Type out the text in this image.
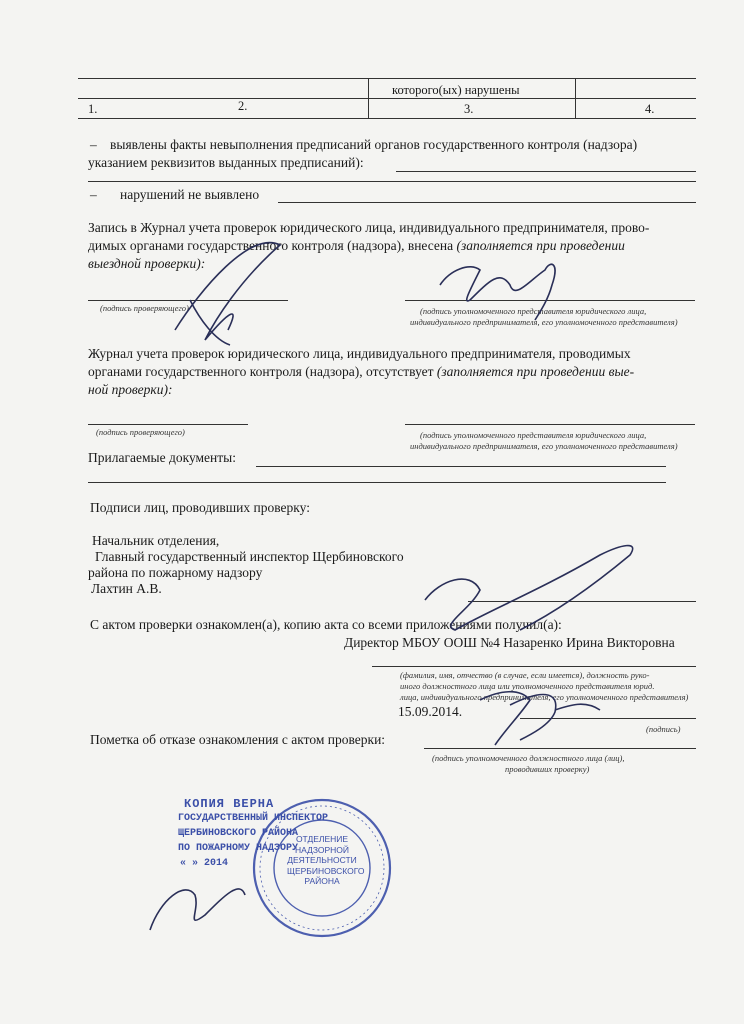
которого(ых) нарушены
1.	2.	3.	4.
– выявлены факты невыполнения предписаний органов государственного контроля (надзора)
указанием реквизитов выданных предписаний):
– нарушений не выявлено
Запись в Журнал учета проверок юридического лица, индивидуального предпринимателя, прово-
димых органами государственного контроля (надзора), внесена (заполняется при проведении
выездной проверки):
(подпись проверяющего)	(подпись уполномоченного представителя юридического лица,
индивидуального предпринимателя, его уполномоченного представителя)
Журнал учета проверок юридического лица, индивидуального предпринимателя, проводимых
органами государственного контроля (надзора), отсутствует (заполняется при проведении вые-
ной проверки):
(подпись проверяющего)	(подпись уполномоченного представителя юридического лица,
индивидуального предпринимателя, его уполномоченного представителя)
Прилагаемые документы:
Подписи лиц, проводивших проверку:
Начальник отделения,
Главный государственный инспектор Щербиновского
района по пожарному надзору
Лахтин А.В.
С актом проверки ознакомлен(а), копию акта со всеми приложениями получил(а):
Директор МБОУ ООШ №4 Назаренко Ирина Викторовна
(фамилия, имя, отчество (в случае, если имеется), должность руко-
иного должностного лица или уполномоченного представителя юрид.
лица, индивидуального предпринимателя, его уполномоченного представителя)
15.09.2014.
(подпись)
Пометка об отказе ознакомления с актом проверки:
(подпись уполномоченного должностного лица (лиц),
проводивших проверку)
КОПИЯ ВЕРНА
ГОСУДАРСТВЕННЫЙ ИНСПЕКТОР
ЩЕРБИНОВСКОГО РАЙОНА
ПО ПОЖАРНОМУ НАДЗОРУ
« » 2014
ОТДЕЛЕНИЕ
НАДЗОРНОЙ
ДЕЯТЕЛЬНОСТИ
ЩЕРБИНОВСКОГО
РАЙОНА
